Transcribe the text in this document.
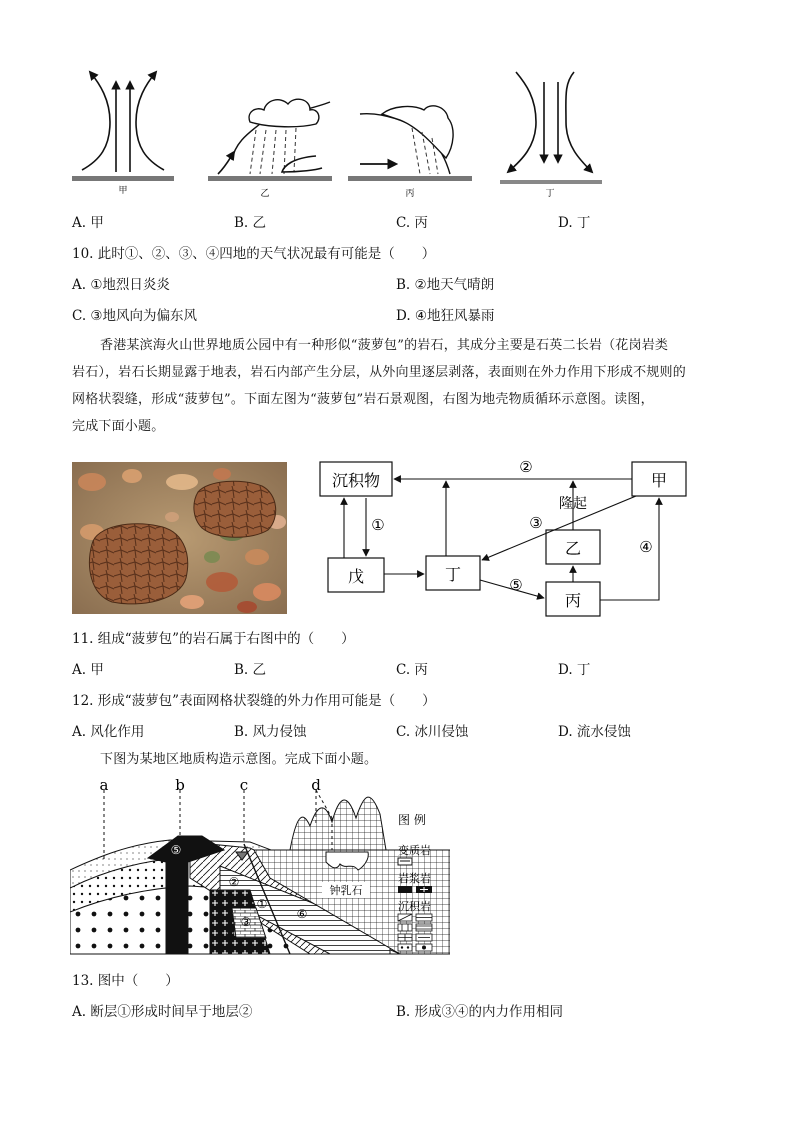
乙	丙	丁
甲
A. 甲	B. 乙	C. 丙	D. 丁
10. 此时①、②、③、④四地的天气状况最有可能是（　　）
A. ①地烈日炎炎	B. ②地天气晴朗
C. ③地风向为偏东风	D. ④地狂风暴雨
香港某滨海火山世界地质公园中有一种形似“菠萝包”的岩石，其成分主要是石英二长岩（花岗岩类
岩石），岩石长期显露于地表，岩石内部产生分层，从外向里逐层剥落，表面则在外力作用下形成不规则的
网格状裂缝，形成“菠萝包”。下面左图为“菠萝包”岩石景观图，右图为地壳物质循环示意图。读图，
完成下面小题。
沉积物	甲
乙
戊	丁
丙
②
①	③
④
⑤
隆起
11. 组成“菠萝包”的岩石属于右图中的（　　）
A. 甲	B. 乙	C. 丙	D. 丁
12. 形成“菠萝包”表面网格状裂缝的外力作用可能是（　　）
A. 风化作用	B. 风力侵蚀	C. 冰川侵蚀	D. 流水侵蚀
下图为某地区地质构造示意图。完成下面小题。
a	b	c	d
⑤
②
①
③
④
⑥
钟乳石
图 例
变质岩
岩浆岩
沉积岩
13. 图中（　　）
A. 断层①形成时间早于地层②	B. 形成③④的内力作用相同
